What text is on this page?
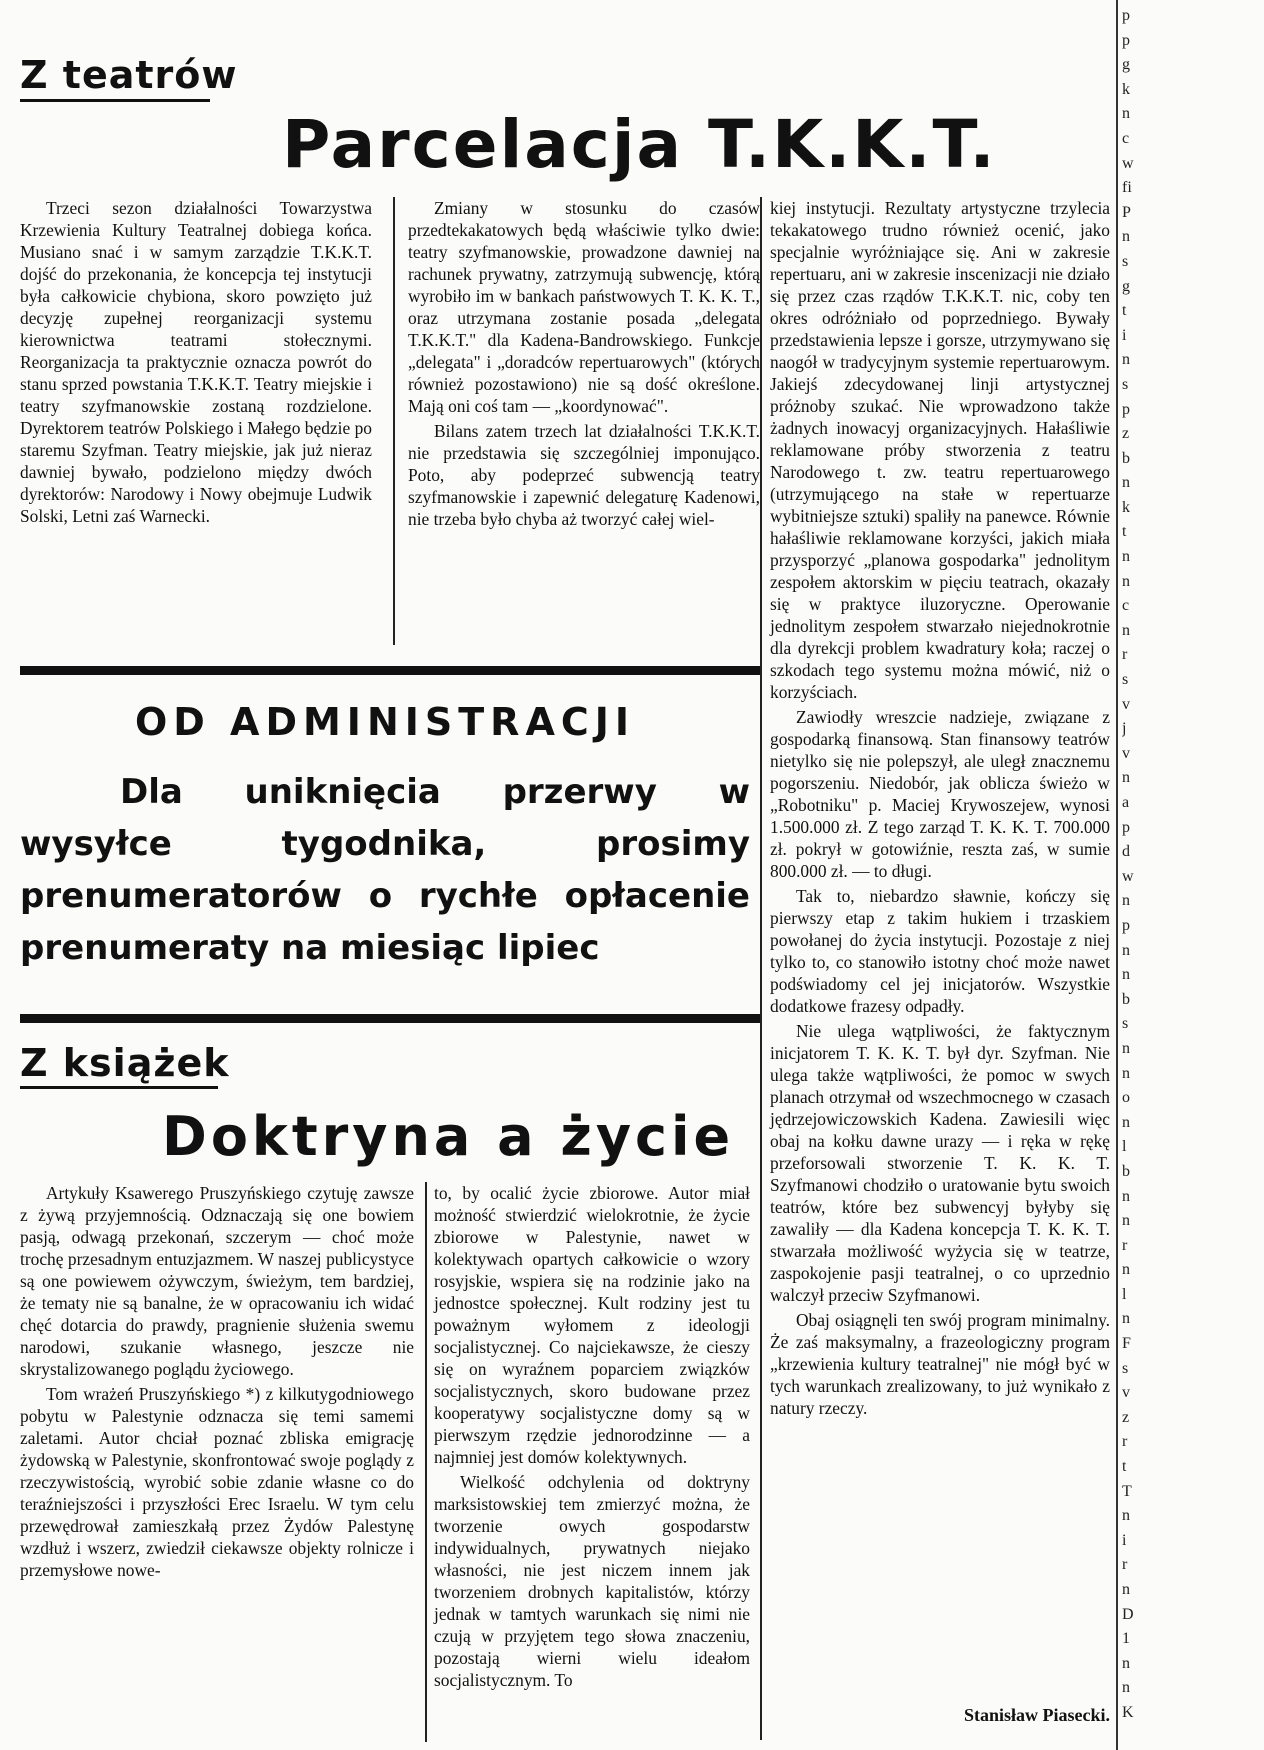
p
p
g
k
n
c
w
fi
P
n
s
g
t
i
n
s
p
z
b
n
k
t
n
n
c
n
r
s
v
j
v
n
a
p
d
w
n
p
n
n
b
s
n
n
o
n
l
b
n
n
r
n
l
n
F
s
v
z
r
t
T
n
i
r
n
D
1
n
n
K
Z teatrów
Parcelacja T.K.K.T.

Trzeci sezon działalności Towarzystwa Krzewienia Kultury Teatralnej dobiega końca. Musiano snać i w samym zarządzie T.K.K.T. dojść do przekonania, że koncepcja tej instytucji była całkowicie chybiona, skoro powzięto już decyzję zupełnej reorganizacji systemu kierownictwa teatrami stołecznymi. Reorganizacja ta praktycznie oznacza powrót do stanu sprzed powstania T.K.K.T. Teatry miejskie i teatry szyfmanowskie zostaną rozdzielone. Dyrektorem teatrów Polskiego i Małego będzie po staremu Szyfman. Teatry miejskie, jak już nieraz dawniej bywało, podzielono między dwóch dyrektorów: Narodowy i Nowy obejmuje Ludwik Solski, Letni zaś Warnecki.

Zmiany w stosunku do czasów przedtekakatowych będą właściwie tylko dwie: teatry szyfmanowskie, prowadzone dawniej na rachunek prywatny, zatrzymują subwencję, którą wyrobiło im w bankach państwowych T. K. K. T., oraz utrzymana zostanie posada „delegata T.K.K.T." dla Kadena-Bandrowskiego. Funkcje „delegata" i „doradców repertuarowych" (których również pozostawiono) nie są dość określone. Mają oni coś tam — „koordynować".

Bilans zatem trzech lat działalności T.K.K.T. nie przedstawia się szczególniej imponująco. Poto, aby podeprzeć subwencją teatry szyfmanowskie i zapewnić delegaturę Kadenowi, nie trzeba było chyba aż tworzyć całej wiel-

kiej instytucji. Rezultaty artystyczne trzylecia tekakatowego trudno również ocenić, jako specjalnie wyróżniające się. Ani w zakresie repertuaru, ani w zakresie inscenizacji nie działo się przez czas rządów T.K.K.T. nic, coby ten okres odróżniało od poprzedniego. Bywały przedstawienia lepsze i gorsze, utrzymywano się naogół w tradycyjnym systemie repertuarowym. Jakiejś zdecydowanej linji artystycznej próżnoby szukać. Nie wprowadzono także żadnych inowacyj organizacyjnych. Hałaśliwie reklamowane próby stworzenia z teatru Narodowego t. zw. teatru repertuarowego (utrzymującego na stałe w repertuarze wybitniejsze sztuki) spaliły na panewce. Równie hałaśliwie reklamowane korzyści, jakich miała przysporzyć „planowa gospodarka" jednolitym zespołem aktorskim w pięciu teatrach, okazały się w praktyce iluzoryczne. Operowanie jednolitym zespołem stwarzało niejednokrotnie dla dyrekcji problem kwadratury koła; raczej o szkodach tego systemu można mówić, niż o korzyściach.

Zawiodły wreszcie nadzieje, związane z gospodarką finansową. Stan finansowy teatrów nietylko się nie polepszył, ale uległ znacznemu pogorszeniu. Niedobór, jak oblicza świeżo w „Robotniku" p. Maciej Krywoszejew, wynosi 1.500.000 zł. Z tego zarząd T. K. K. T. 700.000 zł. pokrył w gotowiźnie, reszta zaś, w sumie 800.000 zł. — to długi.

Tak to, niebardzo sławnie, kończy się pierwszy etap z takim hukiem i trzaskiem powołanej do życia instytucji. Pozostaje z niej tylko to, co stanowiło istotny choć może nawet podświadomy cel jej inicjatorów. Wszystkie dodatkowe frazesy odpadły.

Nie ulega wątpliwości, że faktycznym inicjatorem T. K. K. T. był dyr. Szyfman. Nie ulega także wątpliwości, że pomoc w swych planach otrzymał od wszechmocnego w czasach jędrzejowiczowskich Kadena. Zawiesili więc obaj na kołku dawne urazy — i ręka w rękę przeforsowali stworzenie T. K. K. T. Szyfmanowi chodziło o uratowanie bytu swoich teatrów, które bez subwencyj byłyby się zawaliły — dla Kadena koncepcja T. K. K. T. stwarzała możliwość wyżycia się w teatrze, zaspokojenie pasji teatralnej, o co uprzednio walczył przeciw Szyfmanowi.

Obaj osiągnęli ten swój program minimalny. Że zaś maksymalny, a frazeologiczny program „krzewienia kultury teatralnej" nie mógł być w tych warunkach zrealizowany, to już wynikało z natury rzeczy.

Stanisław Piasecki.
OD ADMINISTRACJI

Dla uniknięcia przerwy w wysyłce tygodnika, prosimy prenumeratorów o rychłe opłacenie prenumeraty na miesiąc lipiec

Z książek
Doktryna a życie

Artykuły Ksawerego Pruszyńskiego czytuję zawsze z żywą przyjemnością. Odznaczają się one bowiem pasją, odwagą przekonań, szczerym — choć może trochę przesadnym entuzjazmem. W naszej publicystyce są one powiewem ożywczym, świeżym, tem bardziej, że tematy nie są banalne, że w opracowaniu ich widać chęć dotarcia do prawdy, pragnienie służenia swemu narodowi, szukanie własnego, jeszcze nie skrystalizowanego poglądu życiowego.

Tom wrażeń Pruszyńskiego *) z kilkutygodniowego pobytu w Palestynie odznacza się temi samemi zaletami. Autor chciał poznać zbliska emigrację żydowską w Palestynie, skonfrontować swoje poglądy z rzeczywistością, wyrobić sobie zdanie własne co do teraźniejszości i przyszłości Erec Israelu. W tym celu przewędrował zamieszkałą przez Żydów Palestynę wzdłuż i wszerz, zwiedził ciekawsze objekty rolnicze i przemysłowe nowe-

to, by ocalić życie zbiorowe. Autor miał możność stwierdzić wielokrotnie, że życie zbiorowe w Palestynie, nawet w kolektywach opartych całkowicie o wzory rosyjskie, wspiera się na rodzinie jako na jednostce społecznej. Kult rodziny jest tu poważnym wyłomem z ideologji socjalistycznej. Co najciekawsze, że cieszy się on wyraźnem poparciem związków socjalistycznych, skoro budowane przez kooperatywy socjalistyczne domy są w pierwszym rzędzie jednorodzinne — a najmniej jest domów kolektywnych.

Wielkość odchylenia od doktryny marksistowskiej tem zmierzyć można, że tworzenie owych gospodarstw indywidualnych, prywatnych niejako własności, nie jest niczem innem jak tworzeniem drobnych kapitalistów, którzy jednak w tamtych warunkach się nimi nie czują w przyjętem tego słowa znaczeniu, pozostają wierni wielu ideałom socjalistycznym. To
